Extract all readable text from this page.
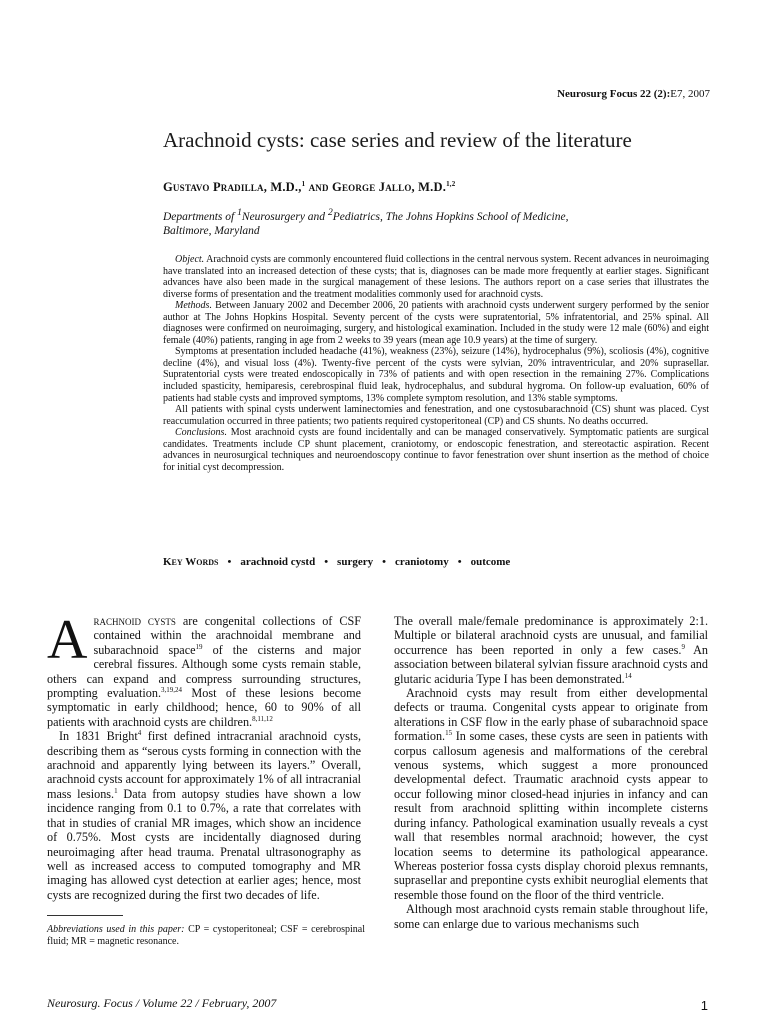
Neurosurg Focus 22 (2):E7, 2007
Arachnoid cysts: case series and review of the literature
Gustavo Pradilla, M.D.,$^1$ and George Jallo, M.D.$^{1,2}$
Departments of $^1$Neurosurgery and $^2$Pediatrics, The Johns Hopkins School of Medicine,
Baltimore, Maryland

Object. Arachnoid cysts are commonly encountered fluid collections in the central nervous system. Recent advances in neuroimaging have translated into an increased detection of these cysts; that is, diagnoses can be made more frequently at earlier stages. Significant advances have also been made in the surgical management of these lesions. The authors report on a case series that illustrates the diverse forms of presentation and the treatment modalities commonly used for arachnoid cysts.

Methods. Between January 2002 and December 2006, 20 patients with arachnoid cysts underwent surgery performed by the senior author at The Johns Hopkins Hospital. Seventy percent of the cysts were supratentorial, 5% infratentorial, and 25% spinal. All diagnoses were confirmed on neuroimaging, surgery, and histological examination. Included in the study were 12 male (60%) and eight female (40%) patients, ranging in age from 2 weeks to 39 years (mean age 10.9 years) at the time of surgery.

Symptoms at presentation included headache (41%), weakness (23%), seizure (14%), hydrocephalus (9%), scoliosis (4%), cognitive decline (4%), and visual loss (4%). Twenty-five percent of the cysts were sylvian, 20% intraventricular, and 20% suprasellar. Supratentorial cysts were treated endoscopically in 73% of patients and with open resection in the remaining 27%. Complications included spasticity, hemiparesis, cerebrospinal fluid leak, hydrocephalus, and subdural hygroma. On follow-up evaluation, 60% of patients had stable cysts and improved symptoms, 13% complete symptom resolution, and 13% stable symptoms.

All patients with spinal cysts underwent laminectomies and fenestration, and one cystosubarachnoid (CS) shunt was placed. Cyst reaccumulation occurred in three patients; two patients required cystoperitoneal (CP) and CS shunts. No deaths occurred.

Conclusions. Most arachnoid cysts are found incidentally and can be managed conservatively. Symptomatic patients are surgical candidates. Treatments include CP shunt placement, craniotomy, or endoscopic fenestration, and stereotactic aspiration. Recent advances in neurosurgical techniques and neuroendoscopy continue to favor fenestration over shunt insertion as the method of choice for initial cyst decompression.

Key Words • arachnoid cystd • surgery • craniotomy • outcome

Arachnoid cysts are congenital collections of CSF contained within the arachnoidal membrane and subarachnoid space$^{19}$ of the cisterns and major cerebral fissures. Although some cysts remain stable, others can expand and compress surrounding structures, prompting evaluation.$^{3,19,24}$ Most of these lesions become symptomatic in early childhood; hence, 60 to 90% of all patients with arachnoid cysts are children.$^{8,11,12}$

In 1831 Bright$^4$ first defined intracranial arachnoid cysts, describing them as “serous cysts forming in connection with the arachnoid and apparently lying between its layers.” Overall, arachnoid cysts account for approximately 1% of all intracranial mass lesions.$^1$ Data from autopsy studies have shown a low incidence ranging from 0.1 to 0.7%, a rate that correlates with that in studies of cranial MR images, which show an incidence of 0.75%. Most cysts are incidentally diagnosed during neuroimaging after head trauma. Prenatal ultrasonography as well as increased access to computed tomography and MR imaging has allowed cyst detection at earlier ages; hence, most cysts are recognized during the first two decades of life.

The overall male/female predominance is approximately 2:1. Multiple or bilateral arachnoid cysts are unusual, and familial occurrence has been reported in only a few cases.$^9$ An association between bilateral sylvian fissure arachnoid cysts and glutaric aciduria Type I has been demonstrated.$^{14}$

Arachnoid cysts may result from either developmental defects or trauma. Congenital cysts appear to originate from alterations in CSF flow in the early phase of subarachnoid space formation.$^{15}$ In some cases, these cysts are seen in patients with corpus callosum agenesis and malformations of the cerebral venous systems, which suggest a more pronounced developmental defect. Traumatic arachnoid cysts appear to occur following minor closed-head injuries in infancy and can result from arachnoid splitting within incomplete cisterns during infancy. Pathological examination usually reveals a cyst wall that resembles normal arachnoid; however, the cyst location seems to determine its pathological appearance. Whereas posterior fossa cysts display choroid plexus remnants, suprasellar and prepontine cysts exhibit neuroglial elements that resemble those found on the floor of the third ventricle.

Although most arachnoid cysts remain stable throughout life, some can enlarge due to various mechanisms such

Abbreviations used in this paper: CP = cystoperitoneal; CSF = cerebrospinal fluid; MR = magnetic resonance.
Neurosurg. Focus / Volume 22 / February, 2007	1
